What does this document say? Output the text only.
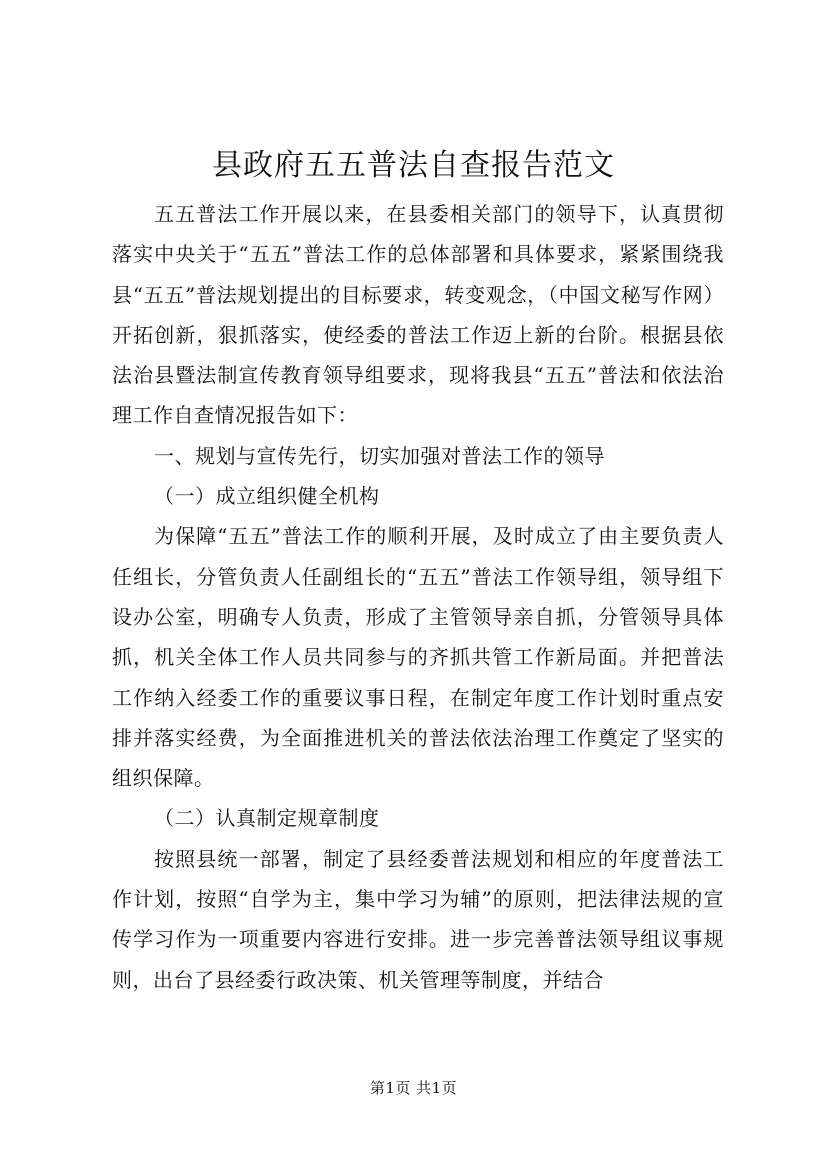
县政府五五普法自查报告范文

五五普法工作开展以来，在县委相关部门的领导下，认真贯彻落实中央关于“五五”普法工作的总体部署和具体要求，紧紧围绕我县“五五”普法规划提出的目标要求，转变观念，（中国文秘写作网）开拓创新，狠抓落实，使经委的普法工作迈上新的台阶。根据县依法治县暨法制宣传教育领导组要求，现将我县“五五”普法和依法治理工作自查情况报告如下：

一、规划与宣传先行，切实加强对普法工作的领导

（一）成立组织健全机构

为保障“五五”普法工作的顺利开展，及时成立了由主要负责人任组长，分管负责人任副组长的“五五”普法工作领导组，领导组下设办公室，明确专人负责，形成了主管领导亲自抓，分管领导具体抓，机关全体工作人员共同参与的齐抓共管工作新局面。并把普法工作纳入经委工作的重要议事日程，在制定年度工作计划时重点安排并落实经费，为全面推进机关的普法依法治理工作奠定了坚实的组织保障。

（二）认真制定规章制度

按照县统一部署，制定了县经委普法规划和相应的年度普法工作计划，按照“自学为主，集中学习为辅”的原则，把法律法规的宣传学习作为一项重要内容进行安排。进一步完善普法领导组议事规则，出台了县经委行政决策、机关管理等制度，并结合

第1页 共1页
